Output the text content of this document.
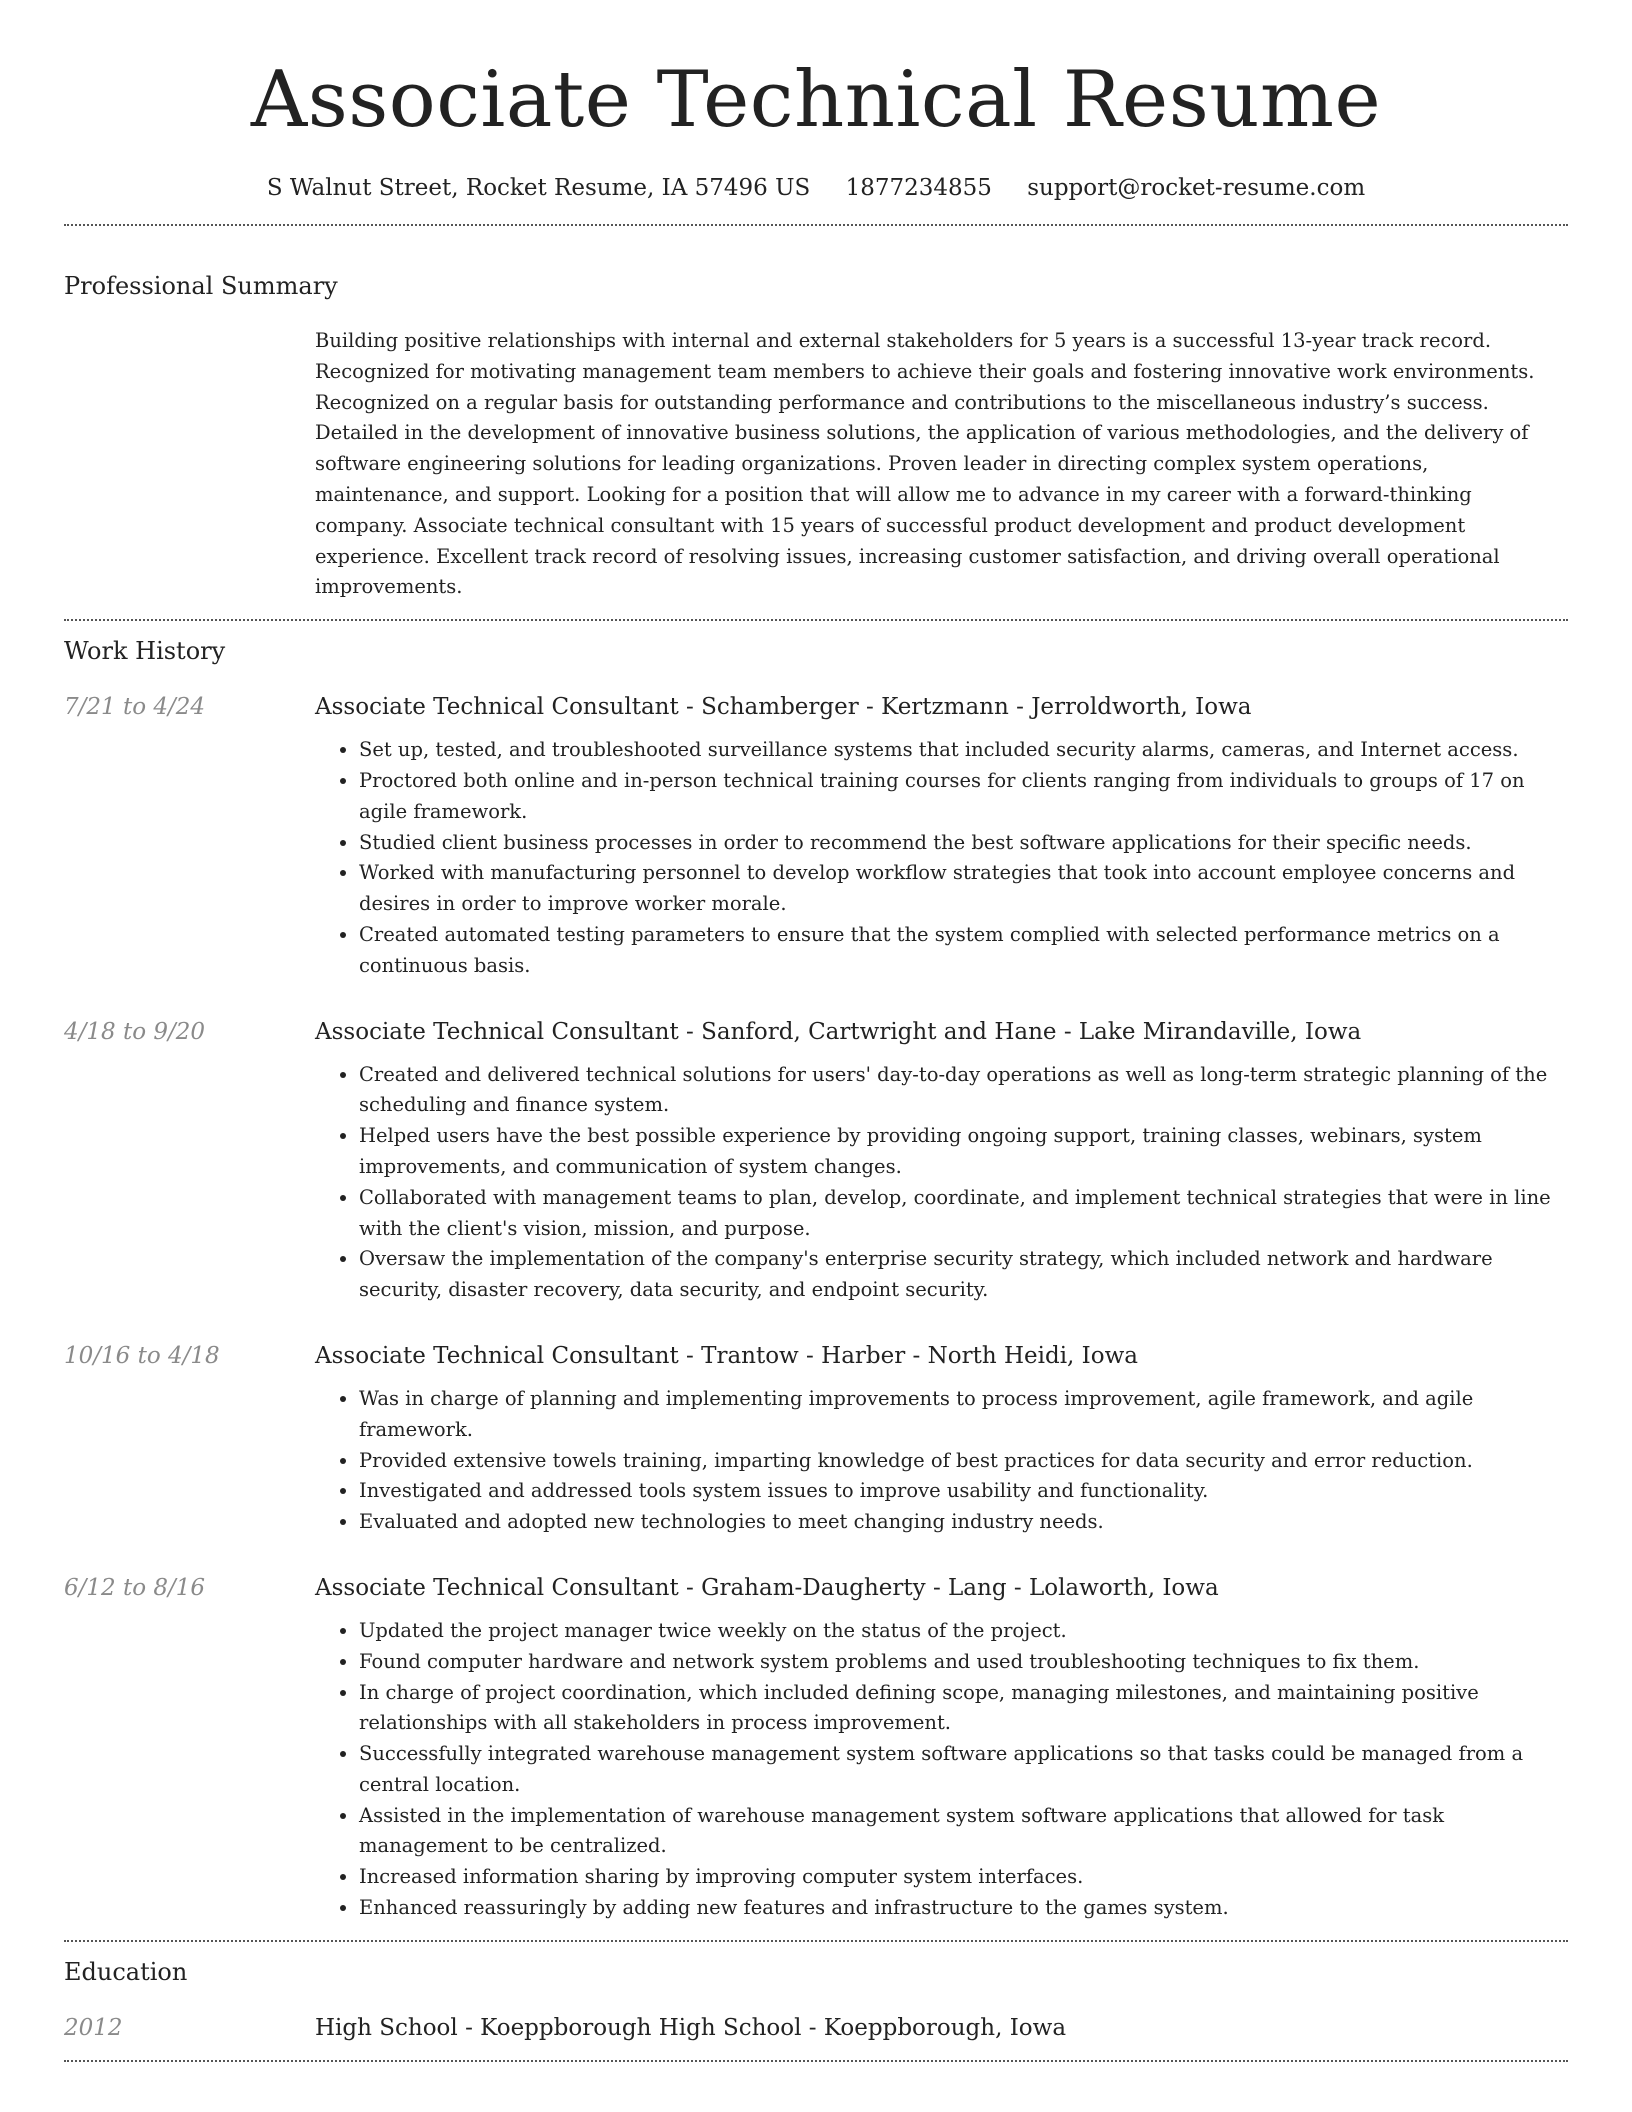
Associate Technical Resume
S Walnut Street, Rocket Resume, IA 57496 US 1877234855 support@rocket-resume.com
Professional Summary

Building positive relationships with internal and external stakeholders for 5 years is a successful 13-year track record. Recognized for motivating management team members to achieve their goals and fostering innovative work environments. Recognized on a regular basis for outstanding performance and contributions to the miscellaneous industry’s success. Detailed in the development of innovative business solutions, the application of various methodologies, and the delivery of software engineering solutions for leading organizations. Proven leader in directing complex system operations, maintenance, and support. Looking for a position that will allow me to advance in my career with a forward-thinking company. Associate technical consultant with 15 years of successful product development and product development experience. Excellent track record of resolving issues, increasing customer satisfaction, and driving overall operational improvements.

Work History
7/21 to 4/24	Associate Technical Consultant - Schamberger - Kertzmann - Jerroldworth, Iowa
• Set up, tested, and troubleshooted surveillance systems that included security alarms, cameras, and Internet access.
• Proctored both online and in-person technical training courses for clients ranging from individuals to groups of 17 on agile framework.
• Studied client business processes in order to recommend the best software applications for their specific needs.
• Worked with manufacturing personnel to develop workflow strategies that took into account employee concerns and desires in order to improve worker morale.
• Created automated testing parameters to ensure that the system complied with selected performance metrics on a continuous basis.
4/18 to 9/20	Associate Technical Consultant - Sanford, Cartwright and Hane - Lake Mirandaville, Iowa
• Created and delivered technical solutions for users' day-to-day operations as well as long-term strategic planning of the scheduling and finance system.
• Helped users have the best possible experience by providing ongoing support, training classes, webinars, system improvements, and communication of system changes.
• Collaborated with management teams to plan, develop, coordinate, and implement technical strategies that were in line with the client's vision, mission, and purpose.
• Oversaw the implementation of the company's enterprise security strategy, which included network and hardware security, disaster recovery, data security, and endpoint security.
10/16 to 4/18	Associate Technical Consultant - Trantow - Harber - North Heidi, Iowa
• Was in charge of planning and implementing improvements to process improvement, agile framework, and agile framework.
• Provided extensive towels training, imparting knowledge of best practices for data security and error reduction.
• Investigated and addressed tools system issues to improve usability and functionality.
• Evaluated and adopted new technologies to meet changing industry needs.
6/12 to 8/16	Associate Technical Consultant - Graham-Daugherty - Lang - Lolaworth, Iowa
• Updated the project manager twice weekly on the status of the project.
• Found computer hardware and network system problems and used troubleshooting techniques to fix them.
• In charge of project coordination, which included defining scope, managing milestones, and maintaining positive relationships with all stakeholders in process improvement.
• Successfully integrated warehouse management system software applications so that tasks could be managed from a central location.
• Assisted in the implementation of warehouse management system software applications that allowed for task management to be centralized.
• Increased information sharing by improving computer system interfaces.
• Enhanced reassuringly by adding new features and infrastructure to the games system.
Education
2012	High School - Koeppborough High School - Koeppborough, Iowa
